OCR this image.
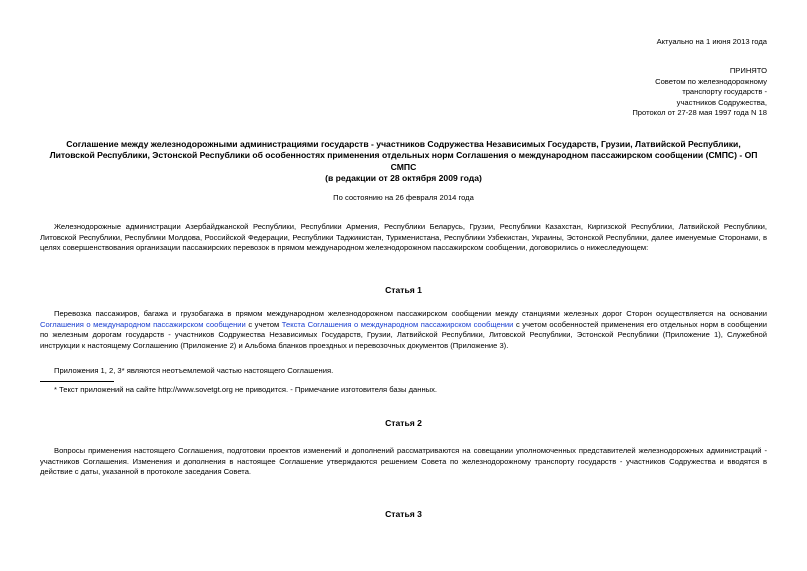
Актуально на 1 июня 2013 года
ПРИНЯТО
Советом по железнодорожному
транспорту государств -
участников Содружества,
Протокол от 27-28 мая 1997 года N 18
Соглашение между железнодорожными администрациями государств - участников Содружества Независимых Государств, Грузии, Латвийской Республики,
Литовской Республики, Эстонской Республики об особенностях применения отдельных норм Соглашения о международном пассажирском сообщении (СМПС) - ОП
СМПС
(в редакции от 28 октября 2009 года)
По состоянию на 26 февраля 2014 года

Железнодорожные администрации Азербайджанской Республики, Республики Армения, Республики Беларусь, Грузии, Республики Казахстан, Киргизской Республики, Латвийской Республики, Литовской Республики, Республики Молдова, Российской Федерации, Республики Таджикистан, Туркменистана, Республики Узбекистан, Украины, Эстонской Республики, далее именуемые Сторонами, в целях совершенствования организации пассажирских перевозок в прямом международном железнодорожном пассажирском сообщении, договорились о нижеследующем:

Статья 1

Перевозка пассажиров, багажа и грузобагажа в прямом международном железнодорожном пассажирском сообщении между станциями железных дорог Сторон осуществляется на основании Соглашения о международном пассажирском сообщении с учетом Текста Соглашения о международном пассажирском сообщении с учетом особенностей применения его отдельных норм в сообщении по железным дорогам государств - участников Содружества Независимых Государств, Грузии, Латвийской Республики, Литовской Республики, Эстонской Республики (Приложение 1), Служебной инструкции к настоящему Соглашению (Приложение 2) и Альбома бланков проездных и перевозочных документов (Приложение 3).

Приложения 1, 2, 3* являются неотъемлемой частью настоящего Соглашения.

* Текст приложений на сайте http://www.sovetgt.org не приводится. - Примечание изготовителя базы данных.

Статья 2

Вопросы применения настоящего Соглашения, подготовки проектов изменений и дополнений рассматриваются на совещании уполномоченных представителей железнодорожных администраций - участников Соглашения. Изменения и дополнения в настоящее Соглашение утверждаются решением Совета по железнодорожному транспорту государств - участников Содружества и вводятся в действие с даты, указанной в протоколе заседания Совета.

Статья 3
